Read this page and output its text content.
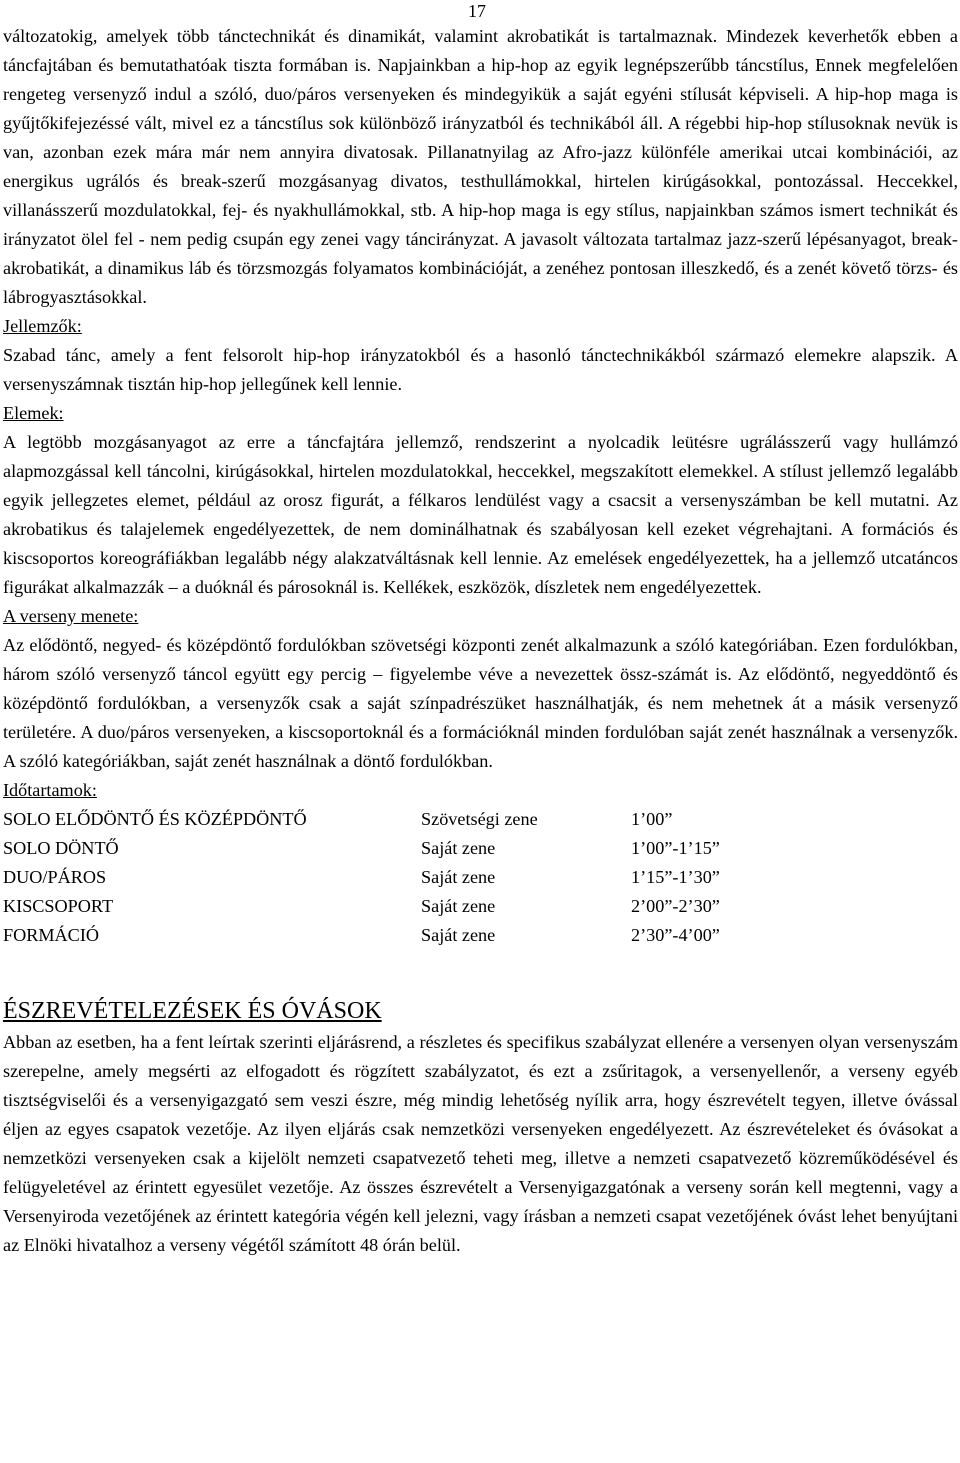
17

változatokig, amelyek több tánctechnikát és dinamikát, valamint akrobatikát is tartalmaznak. Mindezek keverhetők ebben a táncfajtában és bemutathatóak tiszta formában is. Napjainkban a hip-hop az egyik legnépszerűbb táncstílus, Ennek megfelelően rengeteg versenyző indul a szóló, duo/páros versenyeken és mindegyikük a saját egyéni stílusát képviseli. A hip-hop maga is gyűjtőkifejezéssé vált, mivel ez a táncstílus sok különböző irányzatból és technikából áll. A régebbi hip-hop stílusoknak nevük is van, azonban ezek mára már nem annyira divatosak. Pillanatnyilag az Afro-jazz különféle amerikai utcai kombinációi, az energikus ugrálós és break-szerű mozgásanyag divatos, testhullámokkal, hirtelen kirúgásokkal, pontozással. Heccekkel, villanásszerű mozdulatokkal, fej- és nyakhullámokkal, stb. A hip-hop maga is egy stílus, napjainkban számos ismert technikát és irányzatot ölel fel - nem pedig csupán egy zenei vagy táncirányzat. A javasolt változata tartalmaz jazz-szerű lépésanyagot, break-akrobatikát, a dinamikus láb és törzsmozgás folyamatos kombinációját, a zenéhez pontosan illeszkedő, és a zenét követő törzs- és lábrogyasztásokkal.

Jellemzők:

Szabad tánc, amely a fent felsorolt hip-hop irányzatokból és a hasonló tánctechnikákból származó elemekre alapszik. A versenyszámnak tisztán hip-hop jellegűnek kell lennie.

Elemek:

A legtöbb mozgásanyagot az erre a táncfajtára jellemző, rendszerint a nyolcadik leütésre ugrálásszerű vagy hullámzó alapmozgással kell táncolni, kirúgásokkal, hirtelen mozdulatokkal, heccekkel, megszakított elemekkel. A stílust jellemző legalább egyik jellegzetes elemet, például az orosz figurát, a félkaros lendülést vagy a csacsit a versenyszámban be kell mutatni. Az akrobatikus és talajelemek engedélyezettek, de nem dominálhatnak és szabályosan kell ezeket végrehajtani. A formációs és kiscsoportos koreográfiákban legalább négy alakzatváltásnak kell lennie. Az emelések engedélyezettek, ha a jellemző utcatáncos figurákat alkalmazzák – a duóknál és párosoknál is. Kellékek, eszközök, díszletek nem engedélyezettek.

A verseny menete:

Az elődöntő, negyed- és középdöntő fordulókban szövetségi központi zenét alkalmazunk a szóló kategóriában. Ezen fordulókban, három szóló versenyző táncol együtt egy percig – figyelembe véve a nevezettek össz-számát is. Az elődöntő, negyeddöntő és középdöntő fordulókban, a versenyzők csak a saját színpadrészüket használhatják, és nem mehetnek át a másik versenyző területére. A duo/páros versenyeken, a kiscsoportoknál és a formációknál minden fordulóban saját zenét használnak a versenyzők. A szóló kategóriákban, saját zenét használnak a döntő fordulókban.

Időtartamok:

SOLO ELŐDÖNTŐ ÉS KÖZÉPDÖNTŐ	Szövetségi zene	1’00”
SOLO DÖNTŐ	Saját zene	1’00”-1’15”
DUO/PÁROS	Saját zene	1’15”-1’30”
KISCSOPORT	Saját zene	2’00”-2’30”
FORMÁCIÓ	Saját zene	2’30”-4’00”

ÉSZREVÉTELEZÉSEK ÉS ÓVÁSOK

Abban az esetben, ha a fent leírtak szerinti eljárásrend, a részletes és specifikus szabályzat ellenére a versenyen olyan versenyszám szerepelne, amely megsérti az elfogadott és rögzített szabályzatot, és ezt a zsűritagok, a versenyellenőr, a verseny egyéb tisztségviselői és a versenyigazgató sem veszi észre, még mindig lehetőség nyílik arra, hogy észrevételt tegyen, illetve óvással éljen az egyes csapatok vezetője. Az ilyen eljárás csak nemzetközi versenyeken engedélyezett. Az észrevételeket és óvásokat a nemzetközi versenyeken csak a kijelölt nemzeti csapatvezető teheti meg, illetve a nemzeti csapatvezető közreműködésével és felügyeletével az érintett egyesület vezetője. Az összes észrevételt a Versenyigazgatónak a verseny során kell megtenni, vagy a Versenyiroda vezetőjének az érintett kategória végén kell jelezni, vagy írásban a nemzeti csapat vezetőjének óvást lehet benyújtani az Elnöki hivatalhoz a verseny végétől számított 48 órán belül.
